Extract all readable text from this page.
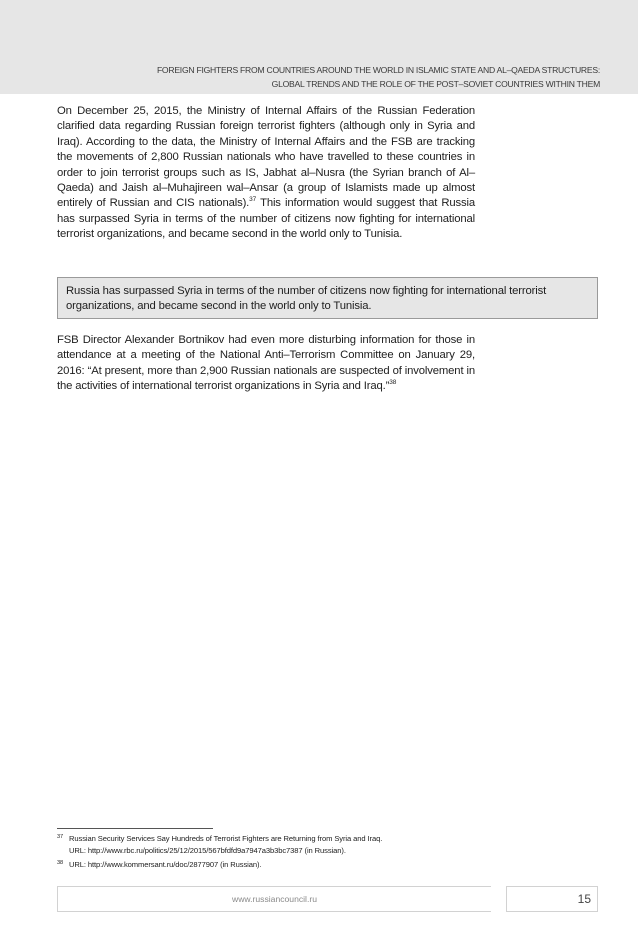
FOREIGN FIGHTERS FROM COUNTRIES AROUND THE WORLD IN ISLAMIC STATE AND AL–QAEDA STRUCTURES:
GLOBAL TRENDS AND THE ROLE OF THE POST–SOVIET COUNTRIES WITHIN THEM
On December 25, 2015, the Ministry of Internal Affairs of the Russian Federation clarified data regarding Russian foreign terrorist fighters (although only in Syria and Iraq). According to the data, the Ministry of Internal Affairs and the FSB are tracking the movements of 2,800 Russian nationals who have travelled to these countries in order to join terrorist groups such as IS, Jabhat al–Nusra (the Syrian branch of Al–Qaeda) and Jaish al–Muhajireen wal–Ansar (a group of Islamists made up almost entirely of Russian and CIS nationals).$^{37}$ This information would suggest that Russia has surpassed Syria in terms of the number of citizens now fighting for international terrorist organizations, and became second in the world only to Tunisia.
Russia has surpassed Syria in terms of the number of citizens now fighting for international terrorist organizations, and became second in the world only to Tunisia.
FSB Director Alexander Bortnikov had even more disturbing information for those in attendance at a meeting of the National Anti–Terrorism Committee on January 29, 2016: “At present, more than 2,900 Russian nationals are suspected of involvement in the activities of international terrorist organizations in Syria and Iraq.”$^{38}$
37 Russian Security Services Say Hundreds of Terrorist Fighters are Returning from Syria and Iraq.
URL: http://www.rbc.ru/politics/25/12/2015/567bfdfd9a7947a3b3bc7387 (in Russian).
38 URL: http://www.kommersant.ru/doc/2877907 (in Russian).
www.russiancouncil.ru	15
